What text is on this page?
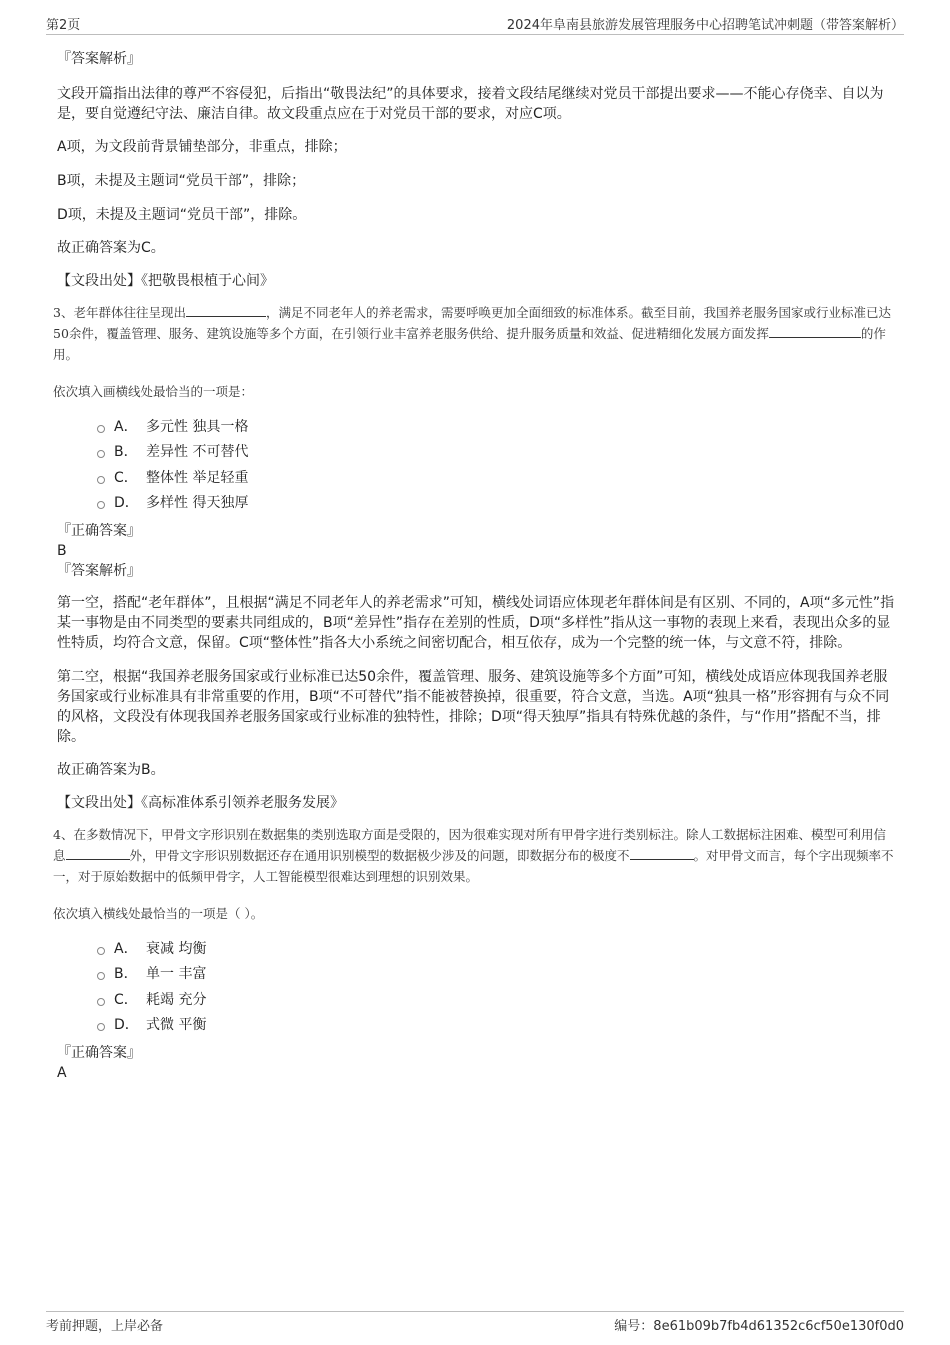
第2页	2024年阜南县旅游发展管理服务中心招聘笔试冲刺题（带答案解析）
『答案解析』

文段开篇指出法律的尊严不容侵犯，后指出“敬畏法纪”的具体要求，接着文段结尾继续对党员干部提出要求——不能心存侥幸、自以为是，要自觉遵纪守法、廉洁自律。故文段重点应在于对党员干部的要求，对应C项。

A项，为文段前背景铺垫部分，非重点，排除；

B项，未提及主题词“党员干部”，排除；

D项，未提及主题词“党员干部”，排除。

故正确答案为C。

【文段出处】《把敬畏根植于心间》

3、老年群体往往呈现出	，满足不同老年人的养老需求，需要呼唤更加全面细致的标准体系。截至目前，我国养老服务国家或行业标准已达50余件，覆盖管理、服务、建筑设施等多个方面，在引领行业丰富养老服务供给、提升服务质量和效益、促进精细化发展方面发挥	的作用。
依次填入画横线处最恰当的一项是：
A． 多元性 独具一格
B． 差异性 不可替代
C． 整体性 举足轻重
D． 多样性 得天独厚
『正确答案』
B
『答案解析』

第一空，搭配“老年群体”，且根据“满足不同老年人的养老需求”可知，横线处词语应体现老年群体间是有区别、不同的，A项“多元性”指某一事物是由不同类型的要素共同组成的，B项“差异性”指存在差别的性质，D项“多样性”指从这一事物的表现上来看，表现出众多的显性特质，均符合文意，保留。C项“整体性”指各大小系统之间密切配合，相互依存，成为一个完整的统一体，与文意不符，排除。

第二空，根据“我国养老服务国家或行业标准已达50余件，覆盖管理、服务、建筑设施等多个方面”可知，横线处成语应体现我国养老服务国家或行业标准具有非常重要的作用，B项“不可替代”指不能被替换掉，很重要，符合文意，当选。A项“独具一格”形容拥有与众不同的风格，文段没有体现我国养老服务国家或行业标准的独特性，排除；D项“得天独厚”指具有特殊优越的条件，与“作用”搭配不当，排除。

故正确答案为B。

【文段出处】《高标准体系引领养老服务发展》

4、在多数情况下，甲骨文字形识别在数据集的类别选取方面是受限的，因为很难实现对所有甲骨字进行类别标注。除人工数据标注困难、模型可利用信息	外，甲骨文字形识别数据还存在通用识别模型的数据极少涉及的问题，即数据分布的极度不	。对甲骨文而言，每个字出现频率不一，对于原始数据中的低频甲骨字，人工智能模型很难达到理想的识别效果。
依次填入横线处最恰当的一项是（ ）。
A． 衰减 均衡
B． 单一 丰富
C． 耗竭 充分
D． 式微 平衡
『正确答案』
A
考前押题，上岸必备	编号：8e61b09b7fb4d61352c6cf50e130f0d0
